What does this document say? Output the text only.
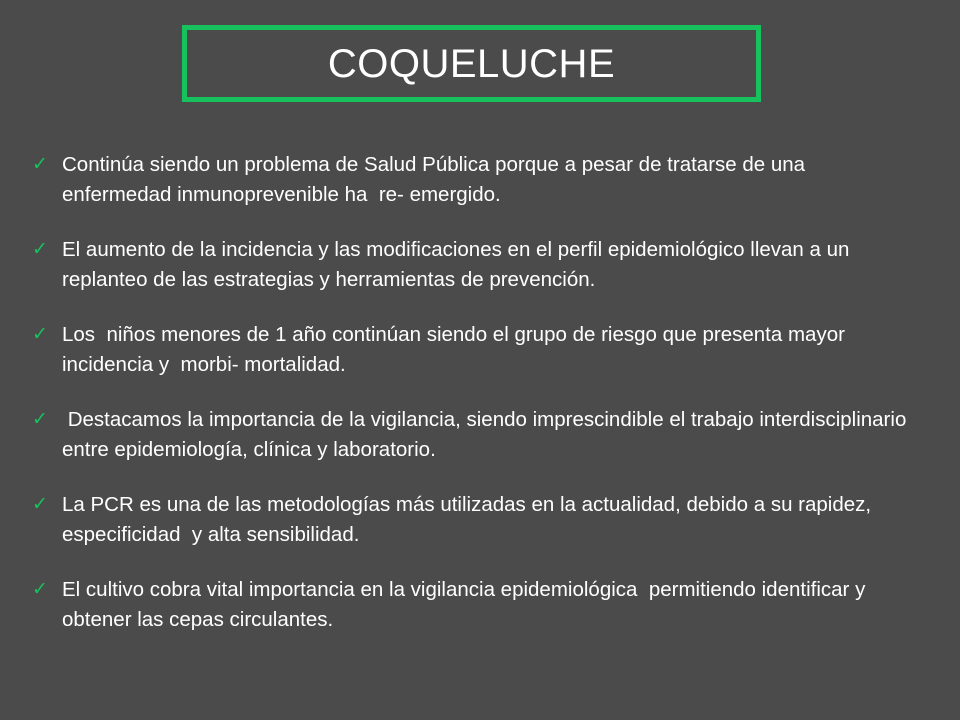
COQUELUCHE
✓ Continúa siendo un problema de Salud Pública porque a pesar de tratarse de una enfermedad inmunoprevenible ha  re- emergido.
✓ El aumento de la incidencia y las modificaciones en el perfil epidemiológico llevan a un replanteo de las estrategias y herramientas de prevención.
✓ Los  niños menores de 1 año continúan siendo el grupo de riesgo que presenta mayor incidencia y  morbi- mortalidad.
✓ Destacamos la importancia de la vigilancia, siendo imprescindible el trabajo interdisciplinario entre epidemiología, clínica y laboratorio.
✓ La PCR es una de las metodologías más utilizadas en la actualidad, debido a su rapidez, especificidad  y alta sensibilidad.
✓ El cultivo cobra vital importancia en la vigilancia epidemiológica  permitiendo identificar y obtener las cepas circulantes.
